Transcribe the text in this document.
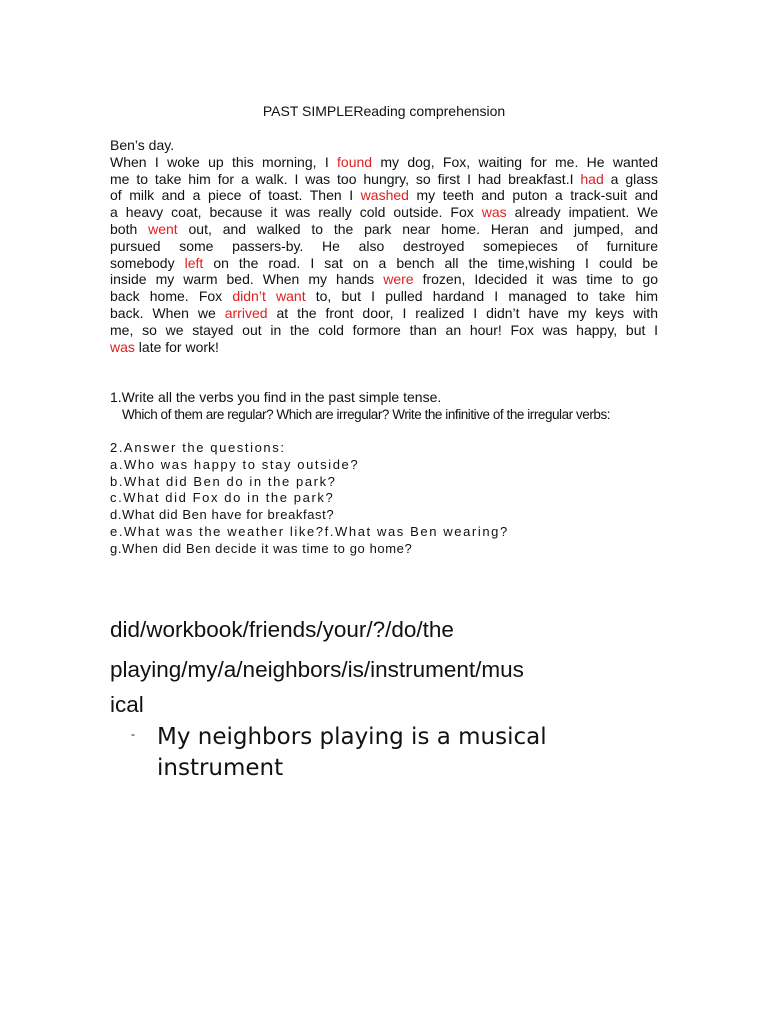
PAST SIMPLEReading comprehension
Ben’s day.
When I woke up this morning, I found my dog, Fox, waiting for me. He wanted
me to take him for a walk. I was too hungry, so first I had breakfast.I had a glass
of milk and a piece of toast. Then I washed my teeth and puton a track-suit and
a heavy coat, because it was really cold outside. Fox was already impatient. We
both went out, and walked to the park near home. Heran and jumped, and
pursued some passers-by. He also destroyed somepieces of furniture
somebody left on the road. I sat on a bench all the time,wishing I could be
inside my warm bed. When my hands were frozen, Idecided it was time to go
back home. Fox didn’t want to, but I pulled hardand I managed to take him
back. When we arrived at the front door, I realized I didn’t have my keys with
me, so we stayed out in the cold formore than an hour! Fox was happy, but I
was late for work!
1.Write all the verbs you find in the past simple tense.
Which of them are regular? Which are irregular? Write the infinitive of the irregular verbs:
2.Answer the questions:
a.Who was happy to stay outside?
b.What did Ben do in the park?
c.What did Fox do in the park?
d.What did Ben have for breakfast?
e.What was the weather like?f.What was Ben wearing?
g.When did Ben decide it was time to go home?
did/workbook/friends/your/?/do/the
playing/my/a/neighbors/is/instrument/mus
ical
- My neighbors playing is a musical instrument
